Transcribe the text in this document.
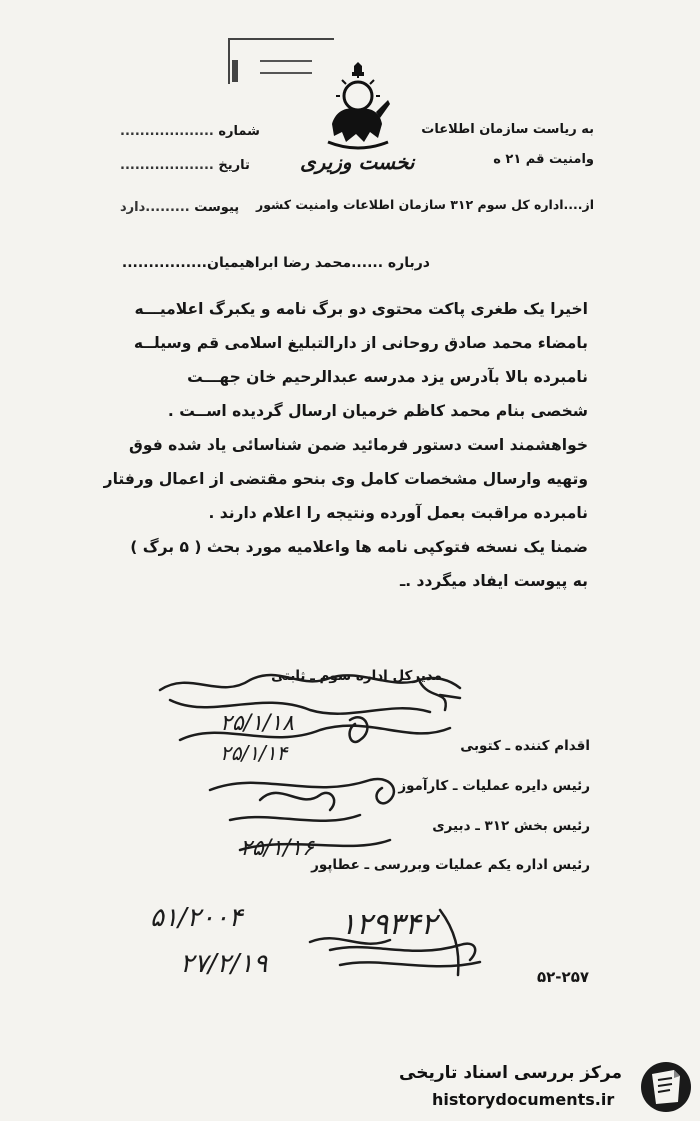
به ریاست سازمان اطلاعات
وامنیت قم ۲۱ ه
از....اداره کل سوم ۳۱۲ سازمان اطلاعات وامنیت کشور
نخست وزیری
شماره ...................
تاریخ ...................
پیوست .........دارد
درباره ......محمد رضا ابراهیمیان................

اخیرا یک طغری پاکت محتوی دو برگ نامه و یکبرگ اعلامیـــه

بامضاء محمد صادق روحانی از دارالتبلیغ اسلامی قم وسیلــه

نامبرده بالا بآدرس یزد مدرسه عبدالرحیم خان جهـــت

شخصی بنام محمد کاظم خرمیان ارسال گردیده اســت .

خواهشمند است دستور فرمائید ضمن شناسائی یاد شده فوق

وتهیه وارسال مشخصات کامل وی بنحو مقتضی از اعمال ورفتار

نامبرده مراقبت بعمل آورده ونتیجه را اعلام دارند .

ضمنا یک نسخه فتوکپی نامه ها واعلامیه مورد بحث ( ۵ برگ )

به پیوست ایفاد میگردد .ـ

مدیرکل اداره سوم ـ ثابتی
اقدام کننده ـ کتوبی
رئیس دایره عملیات ـ کارآموز
رئیس بخش ۳۱۲ ـ دبیری
رئیس اداره یکم عملیات وبررسی ـ عطاپور
۲۵/۱/۱۸
۲۵/۱/۱۴
۲۵/۱/۱۶
۵۱/۲۰۰۴	۱۲۹۳۴۲
۲۷/۲/۱۹	۵۲-۲۵۷
مرکز بررسی اسناد تاریخی
historydocuments.ir
